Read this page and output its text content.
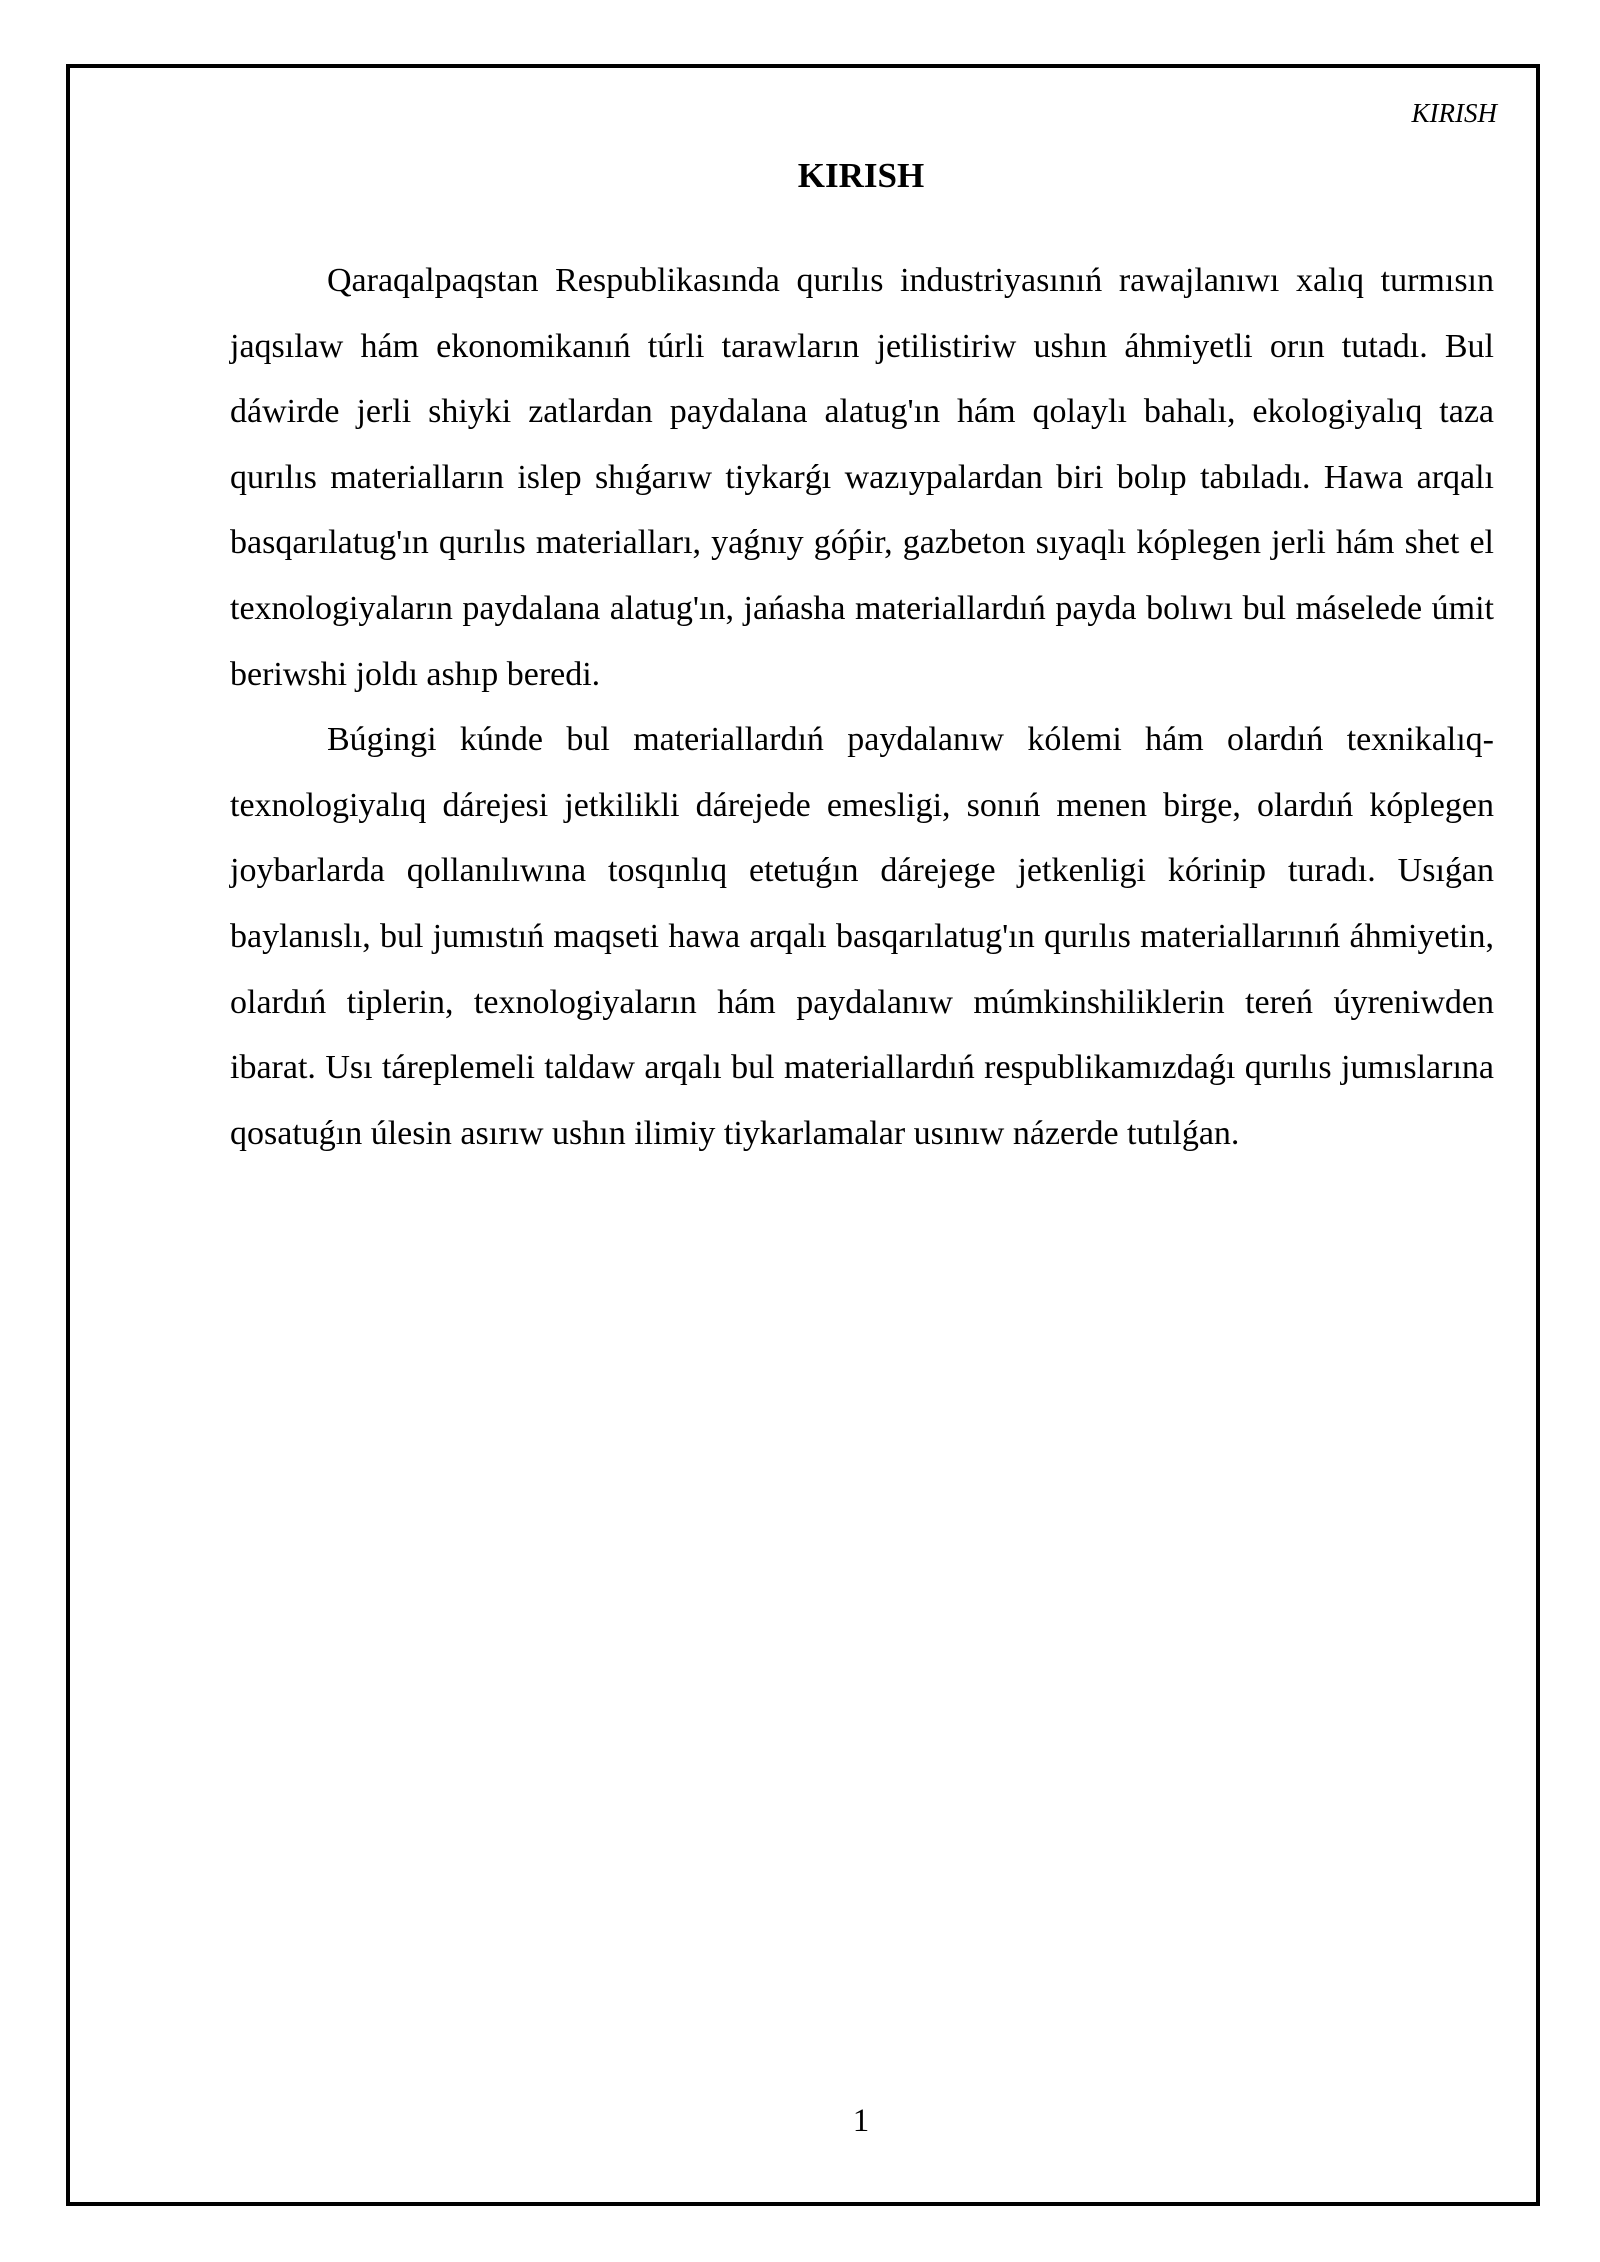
KIRISH
KIRISH

Qaraqalpaqstan Respublikasında qurılıs industriyasınıń rawajlanıwı xalıq turmısın jaqsılaw hám ekonomikanıń túrli tarawların jetilistiriw ushın áhmiyetli orın tutadı. Bul dáwirde jerli shiyki zatlardan paydalana alatug'ın hám qolaylı bahalı, ekologiyalıq taza qurılıs materialların islep shıǵarıw tiykarǵı wazıypalardan biri bolıp tabıladı. Hawa arqalı basqarılatug'ın qurılıs materialları, yaǵnıy góṕir, gazbeton sıyaqlı kóplegen jerli hám shet el texnologiyaların paydalana alatug'ın, jańasha materiallardıń payda bolıwı bul máselede úmit beriwshi joldı ashıp beredi.

Búgingi kúnde bul materiallardıń paydalanıw kólemi hám olardıń texnikalıq-texnologiyalıq dárejesi jetkilikli dárejede emesligi, sonıń menen birge, olardıń kóplegen joybarlarda qollanılıwına tosqınlıq etetuǵın dárejege jetkenligi kórinip turadı. Usıǵan baylanıslı, bul jumıstıń maqseti hawa arqalı basqarılatug'ın qurılıs materiallarınıń áhmiyetin, olardıń tiplerin, texnologiyaların hám paydalanıw múmkinshiliklerin tereń úyreniwden ibarat. Usı táreplemeli taldaw arqalı bul materiallardıń respublikamızdaǵı qurılıs jumıslarına qosatuǵın úlesin asırıw ushın ilimiy tiykarlamalar usınıw názerde tutılǵan.

1
